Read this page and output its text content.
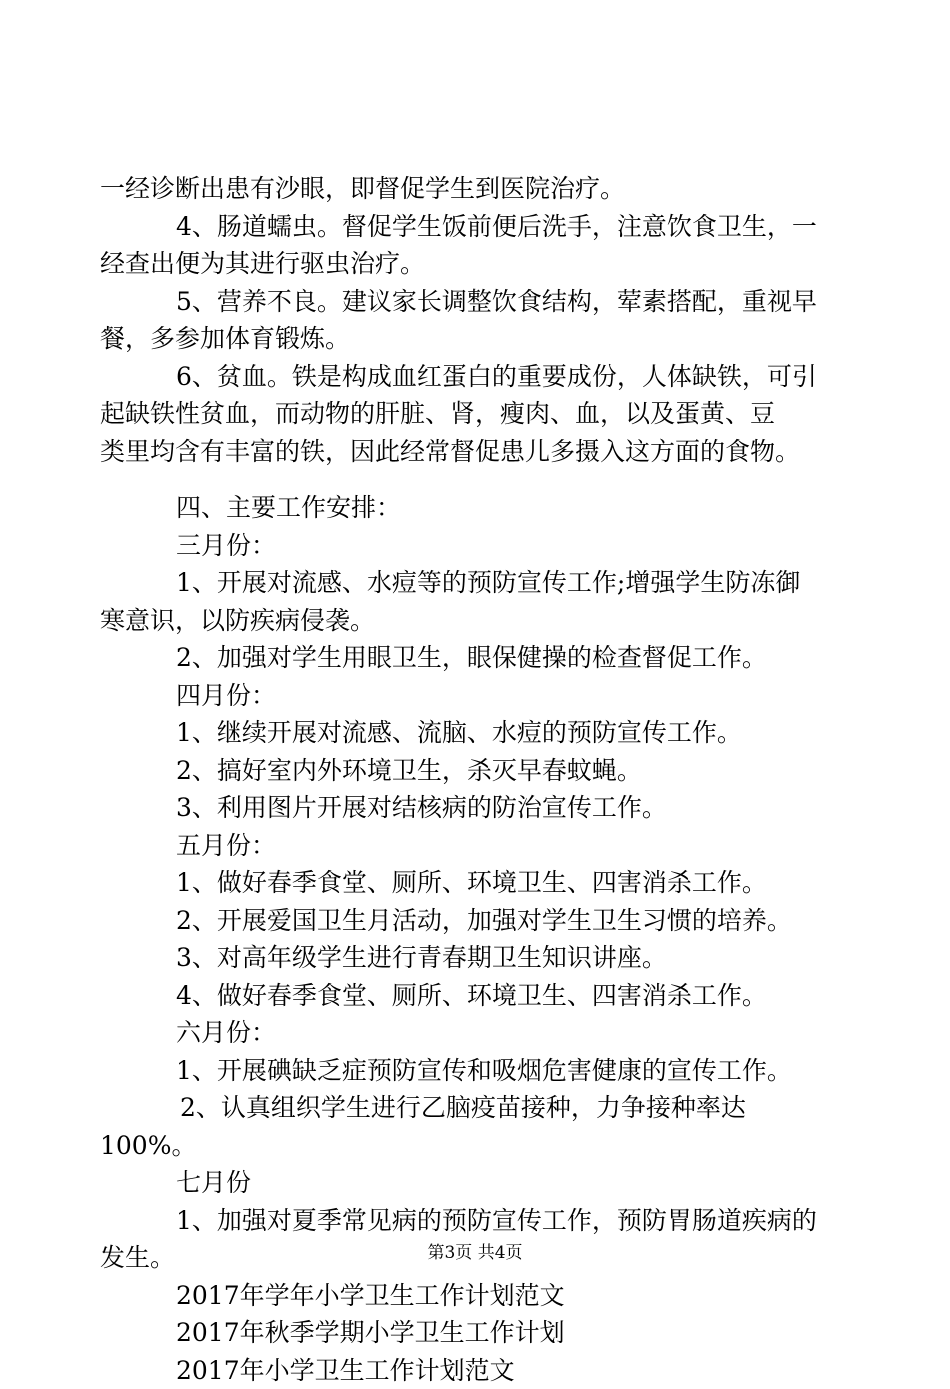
一经诊断出患有沙眼，即督促学生到医院治疗。

4、肠道蠕虫。督促学生饭前便后洗手，注意饮食卫生，一

经查出便为其进行驱虫治疗。

5、营养不良。建议家长调整饮食结构，荤素搭配，重视早

餐，多参加体育锻炼。

6、贫血。铁是构成血红蛋白的重要成份，人体缺铁，可引

起缺铁性贫血，而动物的肝脏、肾，瘦肉、血，以及蛋黄、豆

类里均含有丰富的铁，因此经常督促患儿多摄入这方面的食物。

四、主要工作安排：

三月份：

1、开展对流感、水痘等的预防宣传工作;增强学生防冻御

寒意识，以防疾病侵袭。

2、加强对学生用眼卫生，眼保健操的检查督促工作。

四月份：

1、继续开展对流感、流脑、水痘的预防宣传工作。

2、搞好室内外环境卫生，杀灭早春蚊蝇。

3、利用图片开展对结核病的防治宣传工作。

五月份：

1、做好春季食堂、厕所、环境卫生、四害消杀工作。

2、开展爱国卫生月活动，加强对学生卫生习惯的培养。

3、对高年级学生进行青春期卫生知识讲座。

4、做好春季食堂、厕所、环境卫生、四害消杀工作。

六月份：

1、开展碘缺乏症预防宣传和吸烟危害健康的宣传工作。

2、认真组织学生进行乙脑疫苗接种，力争接种率达

100%。

七月份

1、加强对夏季常见病的预防宣传工作，预防胃肠道疾病的

发生。

2017年学年小学卫生工作计划范文

2017年秋季学期小学卫生工作计划

2017年小学卫生工作计划范文

第3页 共4页
